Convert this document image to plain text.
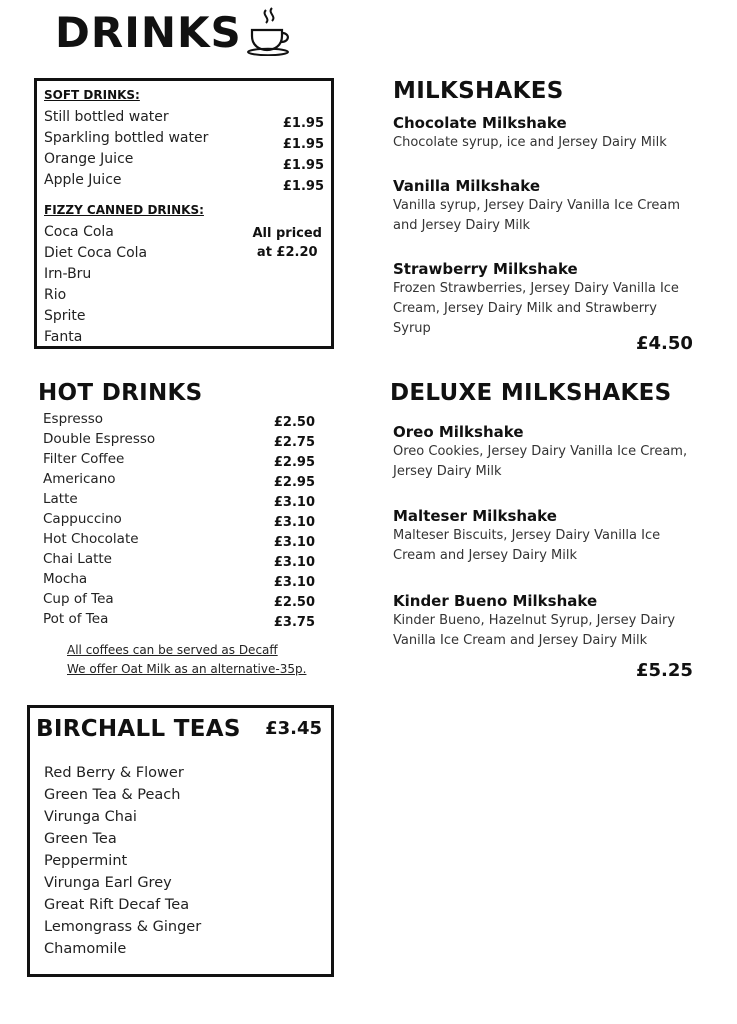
DRINKS
SOFT DRINKS:
Still bottled water	£1.95
Sparkling bottled water	£1.95
Orange Juice	£1.95
Apple Juice	£1.95
FIZZY CANNED DRINKS:
All priced
at £2.20
Coca Cola
Diet Coca Cola
Irn-Bru
Rio
Sprite
Fanta
HOT DRINKS
Espresso	£2.50
Double Espresso	£2.75
Filter Coffee	£2.95
Americano	£2.95
Latte	£3.10
Cappuccino	£3.10
Hot Chocolate	£3.10
Chai Latte	£3.10
Mocha	£3.10
Cup of Tea	£2.50
Pot of Tea	£3.75
All coffees can be served as Decaff
We offer Oat Milk as an alternative-35p.
BIRCHALL TEAS £3.45
Red Berry & Flower
Green Tea & Peach
Virunga Chai
Green Tea
Peppermint
Virunga Earl Grey
Great Rift Decaf Tea
Lemongrass & Ginger
Chamomile
MILKSHAKES
Chocolate Milkshake
Chocolate syrup, ice and Jersey Dairy Milk
Vanilla Milkshake
Vanilla syrup, Jersey Dairy Vanilla Ice Cream and Jersey Dairy Milk
Strawberry Milkshake
Frozen Strawberries, Jersey Dairy Vanilla Ice Cream, Jersey Dairy Milk and Strawberry Syrup
£4.50
DELUXE MILKSHAKES
Oreo Milkshake
Oreo Cookies, Jersey Dairy Vanilla Ice Cream, Jersey Dairy Milk
Malteser Milkshake
Malteser Biscuits, Jersey Dairy Vanilla Ice Cream and Jersey Dairy Milk
Kinder Bueno Milkshake
Kinder Bueno, Hazelnut Syrup, Jersey Dairy Vanilla Ice Cream and Jersey Dairy Milk
£5.25
